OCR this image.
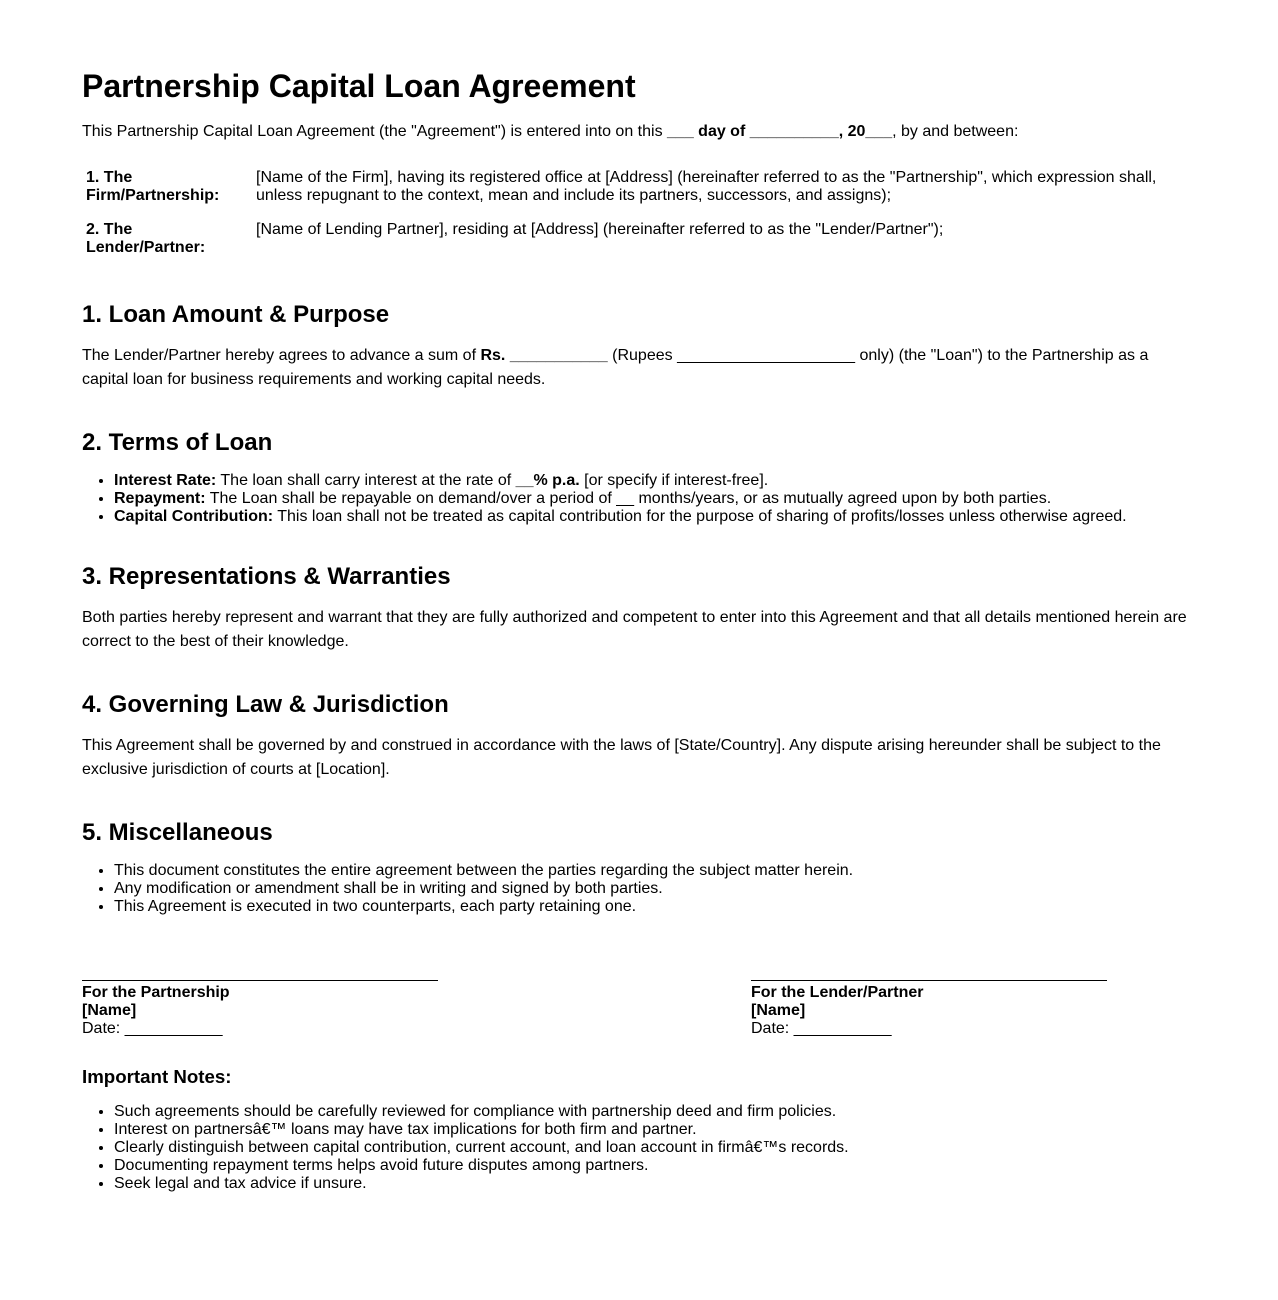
Partnership Capital Loan Agreement

This Partnership Capital Loan Agreement (the "Agreement") is entered into on this ___ day of __________, 20___, by and between:

1. The Firm/Partnership:
[Name of the Firm], having its registered office at [Address] (hereinafter referred to as the "Partnership", which expression shall, unless repugnant to the context, mean and include its partners, successors, and assigns);
2. The Lender/Partner:
[Name of Lending Partner], residing at [Address] (hereinafter referred to as the "Lender/Partner");
1. Loan Amount & Purpose

The Lender/Partner hereby agrees to advance a sum of Rs. ___________ (Rupees ____________________ only) (the "Loan") to the Partnership as a capital loan for business requirements and working capital needs.

2. Terms of Loan
• Interest Rate: The loan shall carry interest at the rate of __% p.a. [or specify if interest-free].
• Repayment: The Loan shall be repayable on demand/over a period of __ months/years, or as mutually agreed upon by both parties.
• Capital Contribution: This loan shall not be treated as capital contribution for the purpose of sharing of profits/losses unless otherwise agreed.
3. Representations & Warranties

Both parties hereby represent and warrant that they are fully authorized and competent to enter into this Agreement and that all details mentioned herein are correct to the best of their knowledge.

4. Governing Law & Jurisdiction

This Agreement shall be governed by and construed in accordance with the laws of [State/Country]. Any dispute arising hereunder shall be subject to the exclusive jurisdiction of courts at [Location].

5. Miscellaneous
• This document constitutes the entire agreement between the parties regarding the subject matter herein.
• Any modification or amendment shall be in writing and signed by both parties.
• This Agreement is executed in two counterparts, each party retaining one.
For the Partnership
[Name]
Date: ___________
For the Lender/Partner
[Name]
Date: ___________
Important Notes:
• Such agreements should be carefully reviewed for compliance with partnership deed and firm policies.
• Interest on partnersâ€™ loans may have tax implications for both firm and partner.
• Clearly distinguish between capital contribution, current account, and loan account in firmâ€™s records.
• Documenting repayment terms helps avoid future disputes among partners.
• Seek legal and tax advice if unsure.
